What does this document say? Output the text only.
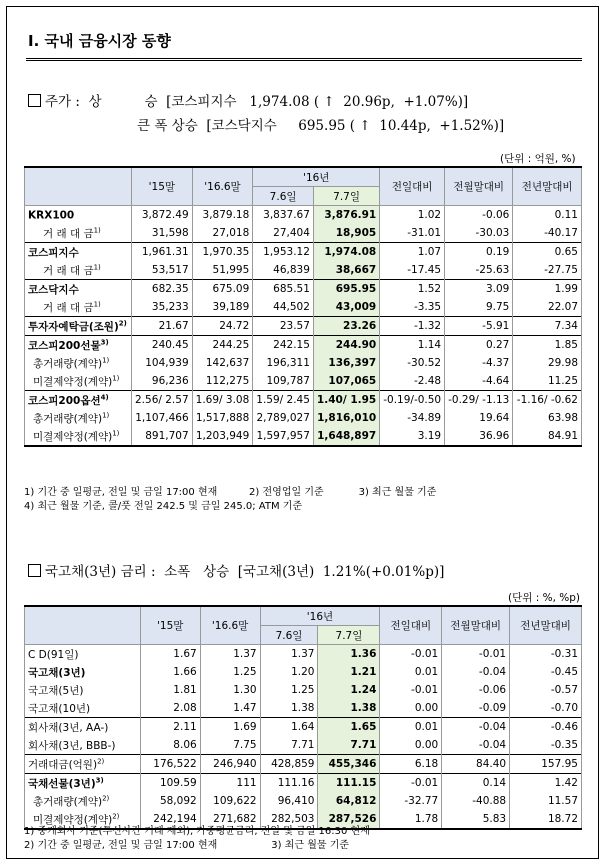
Ⅰ. 국내 금융시장 동향
주가 :  상          승  [코스피지수   1,974.08 ( ↑  20.96p,  +1.07%)]
큰 폭 상승  [코스닥지수     695.95 ( ↑  10.44p,  +1.52%)]
(단위 : 억원, %)
	'15말	'16.6말	'16년		전일대비	전월말대비	전년말대비
			7.6일	7.7일			
KRX100	3,872.49	3,879.18	3,837.67	3,876.91	1.02	-0.06	0.11
거 래 대 금$^{1)}$	31,598	27,018	27,404	18,905	-31.01	-30.03	-40.17
코스피지수	1,961.31	1,970.35	1,953.12	1,974.08	1.07	0.19	0.65
거 래 대 금$^{1)}$	53,517	51,995	46,839	38,667	-17.45	-25.63	-27.75
코스닥지수	682.35	675.09	685.51	695.95	1.52	3.09	1.99
거 래 대 금$^{1)}$	35,233	39,189	44,502	43,009	-3.35	9.75	22.07
투자자예탁금(조원)$^{2)}$	21.67	24.72	23.57	23.26	-1.32	-5.91	7.34
코스피200선물$^{3)}$	240.45	244.25	242.15	244.90	1.14	0.27	1.85
총거래량(계약)$^{1)}$	104,939	142,637	196,311	136,397	-30.52	-4.37	29.98
미결제약정(계약)$^{1)}$	96,236	112,275	109,787	107,065	-2.48	-4.64	11.25
코스피200옵션$^{4)}$	2.56/ 2.57	1.69/ 3.08	1.59/ 2.45	1.40/ 1.95	-0.19/-0.50	-0.29/ -1.13	-1.16/ -0.62
총거래량(계약)$^{1)}$	1,107,466	1,517,888	2,789,027	1,816,010	-34.89	19.64	63.98
미결제약정(계약)$^{1)}$	891,707	1,203,949	1,597,957	1,648,897	3.19	36.96	84.91
1) 기간 중 일평균, 전일 및 금일 17:00 현재          2) 전영업일 기준           3) 최근 월물 기준
4) 최근 월물 기준, 콜/풋 전일 242.5 및 금일 245.0; ATM 기준
국고채(3년) 금리 :  소폭   상승  [국고채(3년)  1.21%(+0.01%p)]
(단위 : %, %p)
	'15말	'16.6말	'16년		전일대비	전월말대비	전년말대비
			7.6일	7.7일			
C D(91일)	1.67	1.37	1.37	1.36	-0.01	-0.01	-0.31
국고채(3년)	1.66	1.25	1.20	1.21	0.01	-0.04	-0.45
국고채(5년)	1.81	1.30	1.25	1.24	-0.01	-0.06	-0.57
국고채(10년)	2.08	1.47	1.38	1.38	0.00	-0.09	-0.70
회사채(3년, AA-)	2.11	1.69	1.64	1.65	0.01	-0.04	-0.46
회사채(3년, BBB-)	8.06	7.75	7.71	7.71	0.00	-0.04	-0.35
거래대금(억원)$^{2)}$	176,522	246,940	428,859	455,346	6.18	84.40	157.95
국채선물(3년)$^{3)}$	109.59	111	111.16	111.15	-0.01	0.14	1.42
총거래량(계약)$^{2)}$	58,092	109,622	96,410	64,812	-32.77	-40.88	11.57
미결제약정(계약)$^{2)}$	242,194	271,682	282,503	287,526	1.78	5.83	18.72
1) 중개회사 기준(투신사간 거래 제외), 가중평균금리, 전일 및 금일 16:30 현재
2) 기간 중 일평균, 전일 및 금일 17:00 현재                 3) 최근 월물 기준
